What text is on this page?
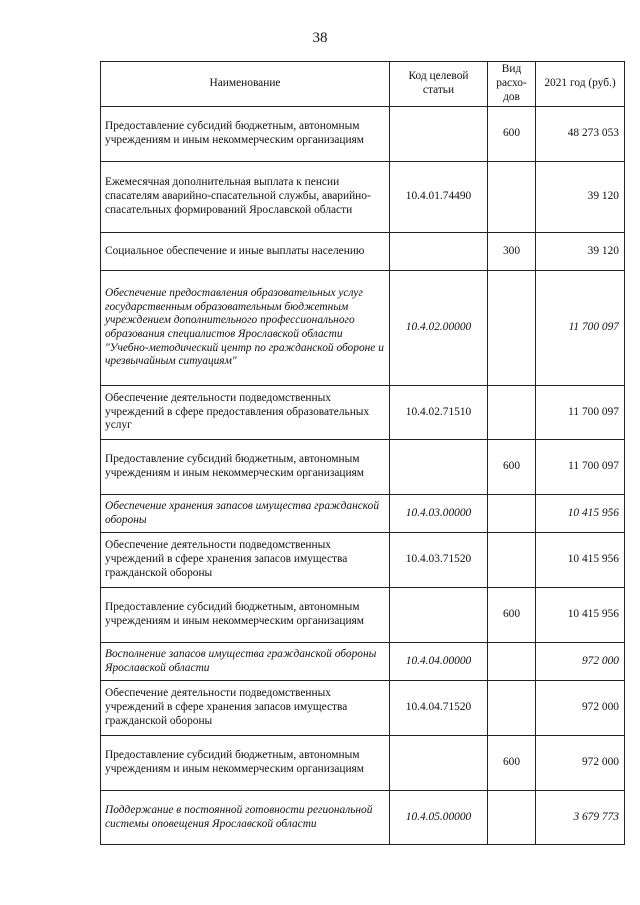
38
Наименование	Код целевой статьи	Вид расхо-дов	2021 год (руб.)
Предоставление субсидий бюджетным, автономным учреждениям и иным некоммерческим организациям		600	48 273 053
Ежемесячная дополнительная выплата к пенсии спасателям аварийно-спасательной службы, аварийно-спасательных формирований Ярославской области	10.4.01.74490		39 120
Социальное обеспечение и иные выплаты населению		300	39 120
Обеспечение предоставления образовательных услуг государственным образовательным бюджетным учреждением дополнительного профессионального образования специалистов Ярославской области "Учебно-методический центр по гражданской обороне и чрезвычайным ситуациям"	10.4.02.00000		11 700 097
Обеспечение деятельности подведомственных учреждений в сфере предоставления образовательных услуг	10.4.02.71510		11 700 097
Предоставление субсидий бюджетным, автономным учреждениям и иным некоммерческим организациям		600	11 700 097
Обеспечение хранения запасов имущества гражданской обороны	10.4.03.00000		10 415 956
Обеспечение деятельности подведомственных учреждений в сфере хранения запасов имущества гражданской обороны	10.4.03.71520		10 415 956
Предоставление субсидий бюджетным, автономным учреждениям и иным некоммерческим организациям		600	10 415 956
Восполнение запасов имущества гражданской обороны Ярославской области	10.4.04.00000		972 000
Обеспечение деятельности подведомственных учреждений в сфере хранения запасов имущества гражданской обороны	10.4.04.71520		972 000
Предоставление субсидий бюджетным, автономным учреждениям и иным некоммерческим организациям		600	972 000
Поддержание в постоянной готовности региональной системы оповещения Ярославской области	10.4.05.00000		3 679 773
